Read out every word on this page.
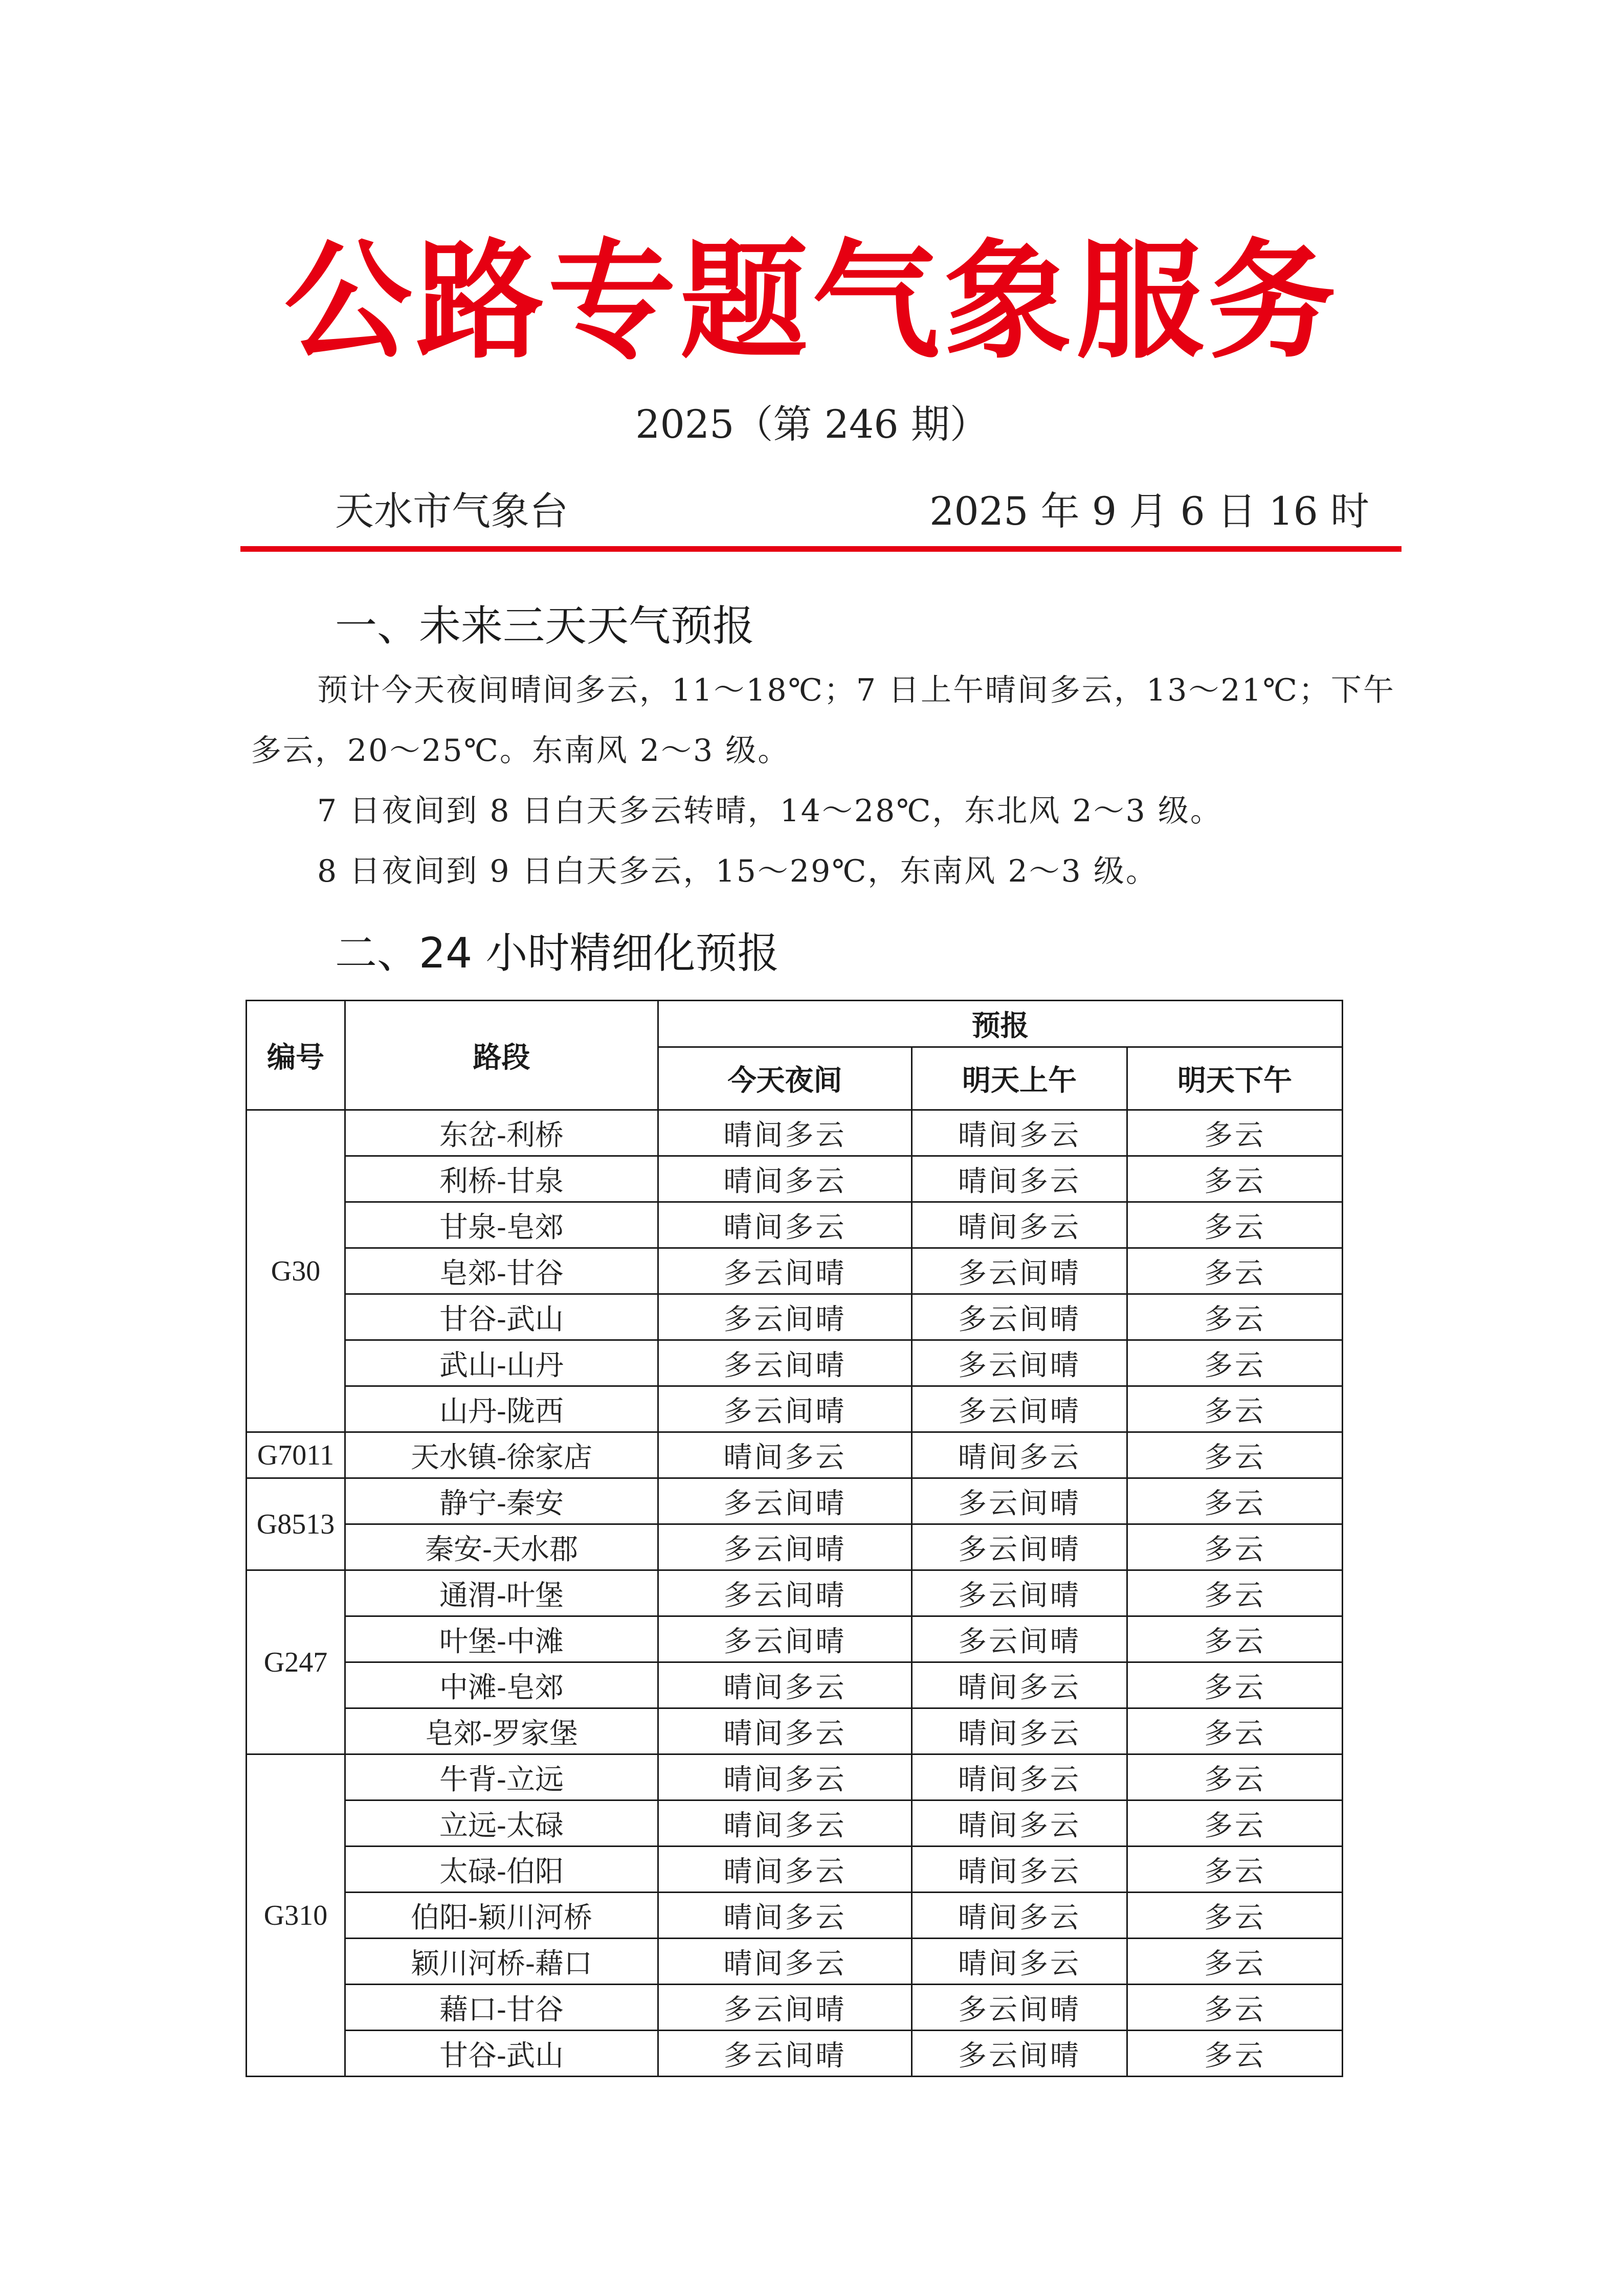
公路专题气象服务
2025（第 246 期）
天水市气象台	2025 年 9 月 6 日 16 时
一、未来三天天气预报
预计今天夜间晴间多云，11～18℃；7 日上午晴间多云，13～21℃；下午
多云，20～25℃。东南风 2～3 级。
7 日夜间到 8 日白天多云转晴，14～28℃，东北风 2～3 级。
8 日夜间到 9 日白天多云，15～29℃，东南风 2～3 级。
二、24 小时精细化预报
编号	路段	预报		
		今天夜间	明天上午	明天下午
G30	东岔-利桥	晴间多云	晴间多云	多云
	利桥-甘泉	晴间多云	晴间多云	多云
	甘泉-皂郊	晴间多云	晴间多云	多云
	皂郊-甘谷	多云间晴	多云间晴	多云
	甘谷-武山	多云间晴	多云间晴	多云
	武山-山丹	多云间晴	多云间晴	多云
	山丹-陇西	多云间晴	多云间晴	多云
G7011	天水镇-徐家店	晴间多云	晴间多云	多云
G8513	静宁-秦安	多云间晴	多云间晴	多云
	秦安-天水郡	多云间晴	多云间晴	多云
G247	通渭-叶堡	多云间晴	多云间晴	多云
	叶堡-中滩	多云间晴	多云间晴	多云
	中滩-皂郊	晴间多云	晴间多云	多云
	皂郊-罗家堡	晴间多云	晴间多云	多云
G310	牛背-立远	晴间多云	晴间多云	多云
	立远-太碌	晴间多云	晴间多云	多云
	太碌-伯阳	晴间多云	晴间多云	多云
	伯阳-颖川河桥	晴间多云	晴间多云	多云
	颖川河桥-藉口	晴间多云	晴间多云	多云
	藉口-甘谷	多云间晴	多云间晴	多云
	甘谷-武山	多云间晴	多云间晴	多云
